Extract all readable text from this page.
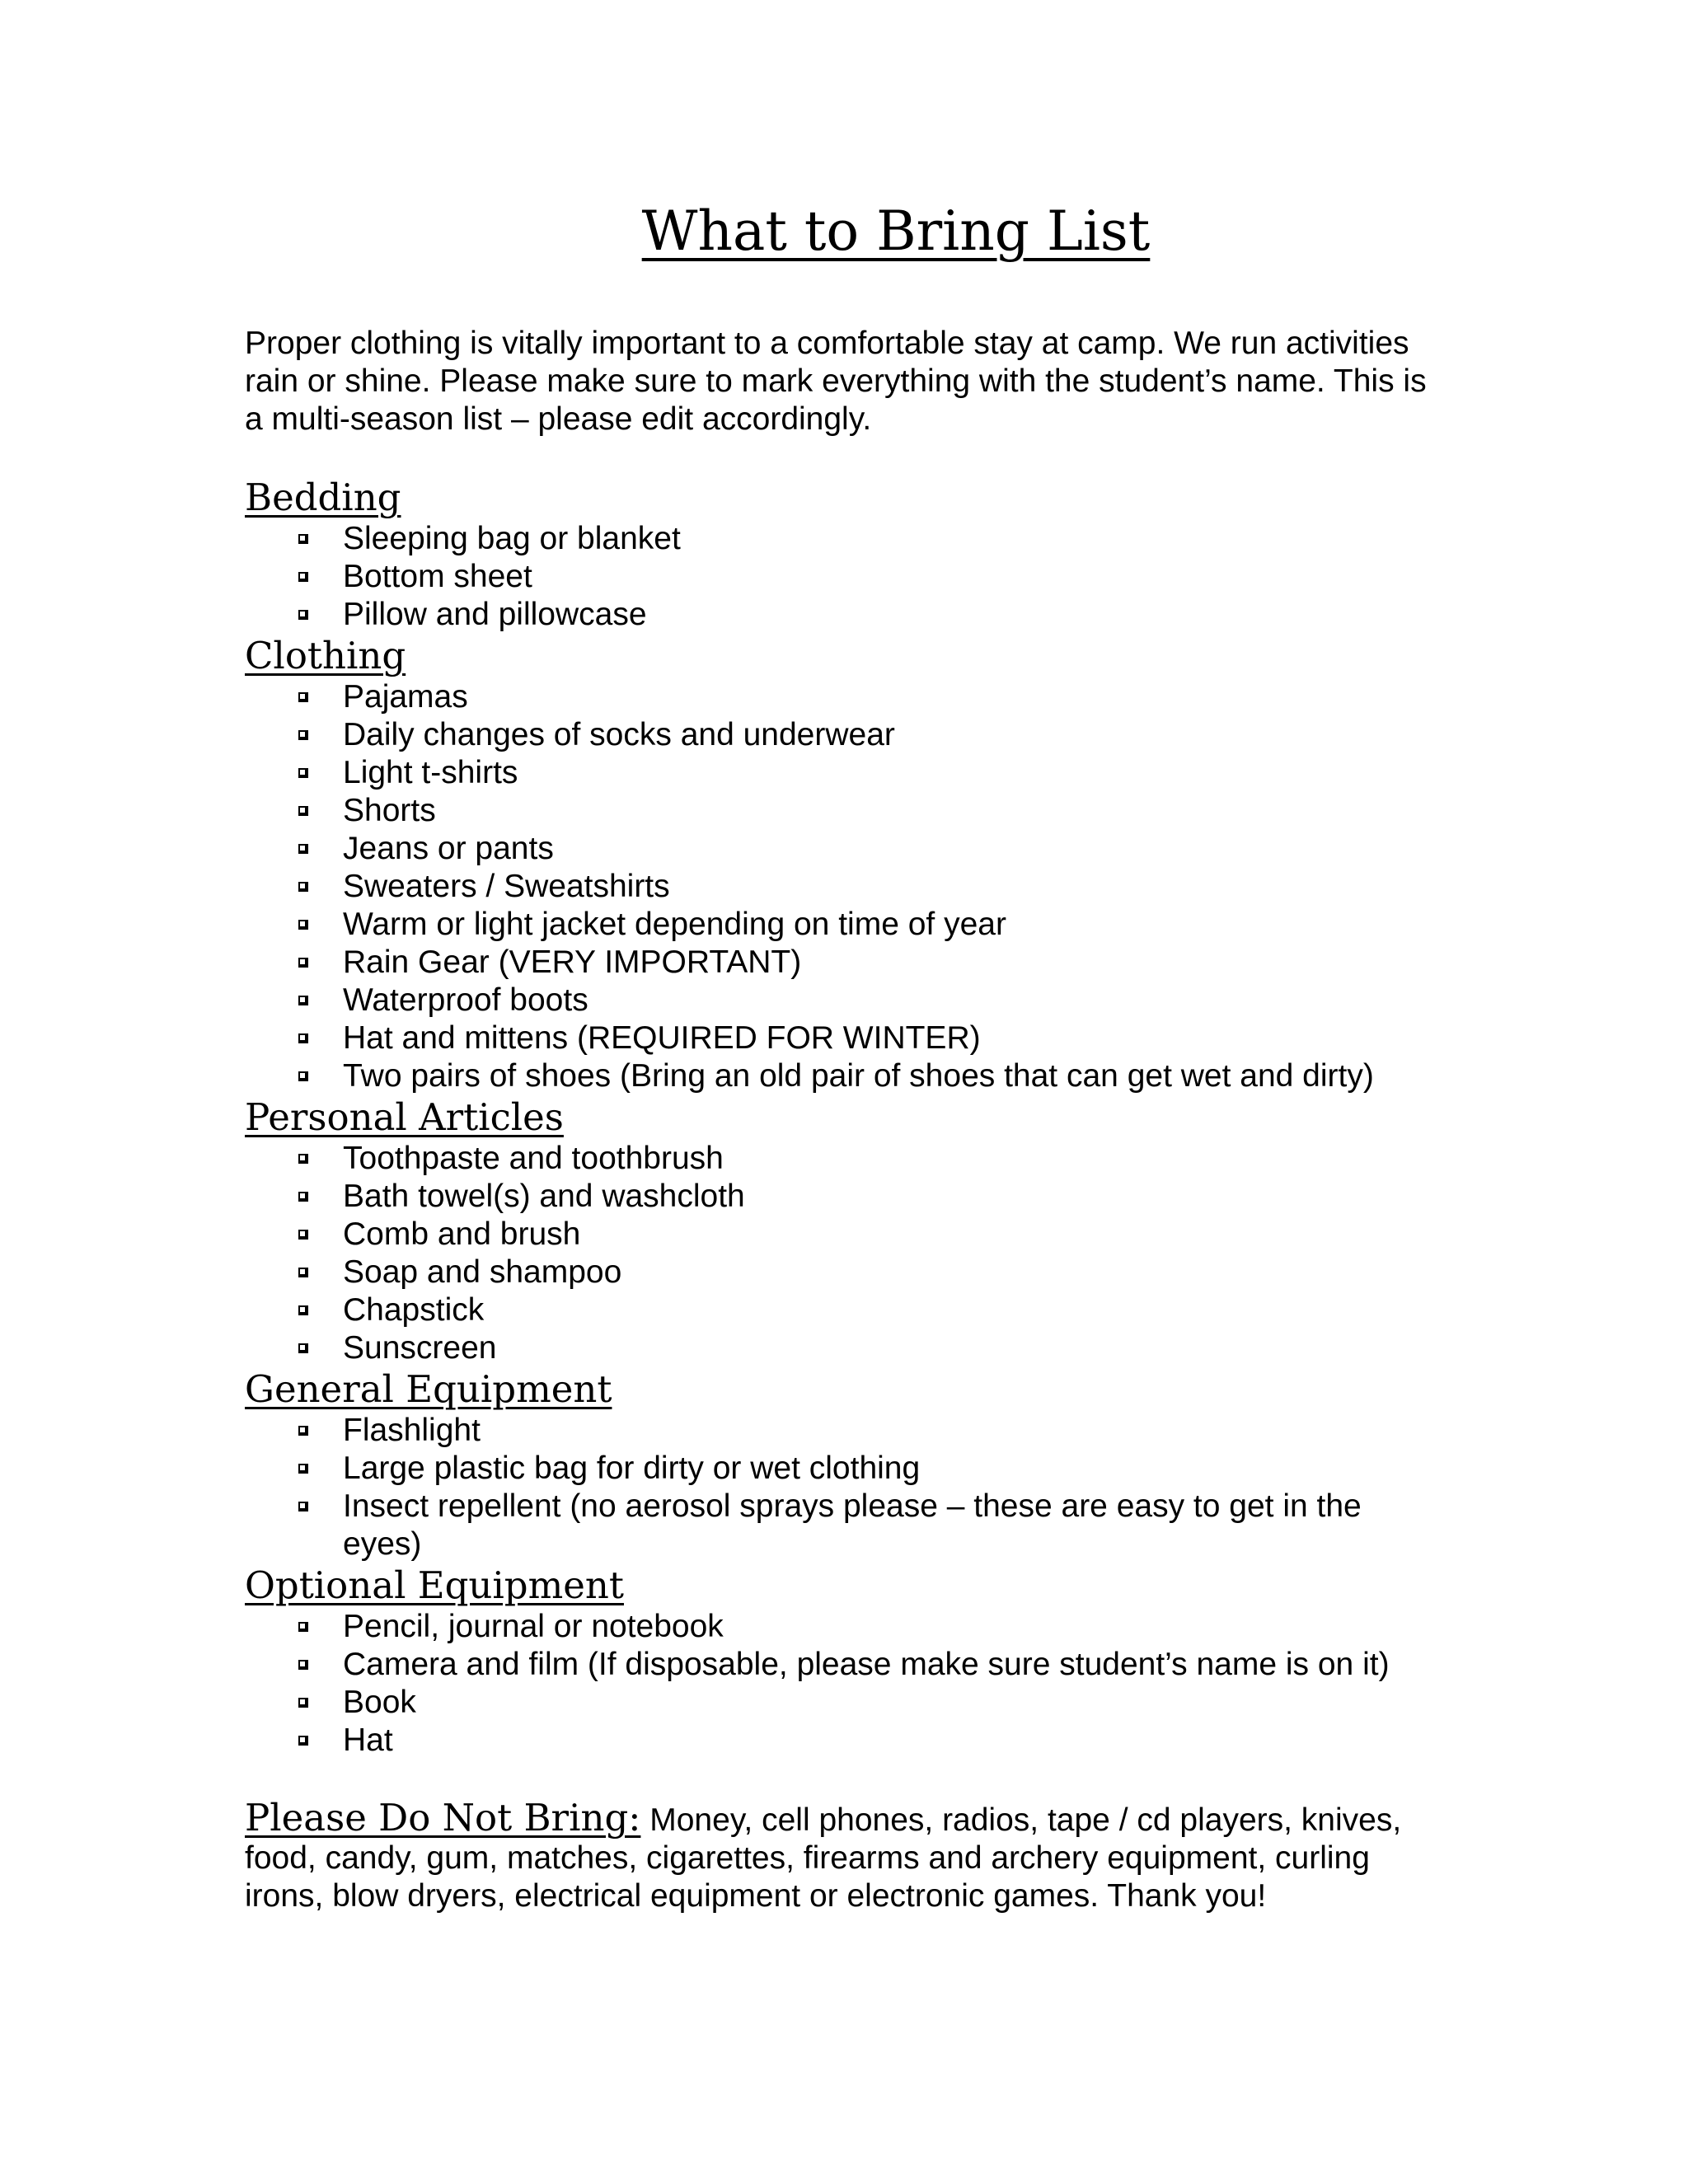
What to Bring List

Proper clothing is vitally important to a comfortable stay at camp. We run activities rain or shine. Please make sure to mark everything with the student’s name. This is a multi-season list – please edit accordingly.

Bedding
Sleeping bag or blanket
Bottom sheet
Pillow and pillowcase
Clothing
Pajamas
Daily changes of socks and underwear
Light t-shirts
Shorts
Jeans or pants
Sweaters / Sweatshirts
Warm or light jacket depending on time of year
Rain Gear (VERY IMPORTANT)
Waterproof boots
Hat and mittens (REQUIRED FOR WINTER)
Two pairs of shoes (Bring an old pair of shoes that can get wet and dirty)
Personal Articles
Toothpaste and toothbrush
Bath towel(s) and washcloth
Comb and brush
Soap and shampoo
Chapstick
Sunscreen
General Equipment
Flashlight
Large plastic bag for dirty or wet clothing
Insect repellent (no aerosol sprays please – these are easy to get in the eyes)
Optional Equipment
Pencil, journal or notebook
Camera and film (If disposable, please make sure student’s name is on it)
Book
Hat

Please Do Not Bring: Money, cell phones, radios, tape / cd players, knives, food, candy, gum, matches, cigarettes, firearms and archery equipment, curling irons, blow dryers, electrical equipment or electronic games. Thank you!
